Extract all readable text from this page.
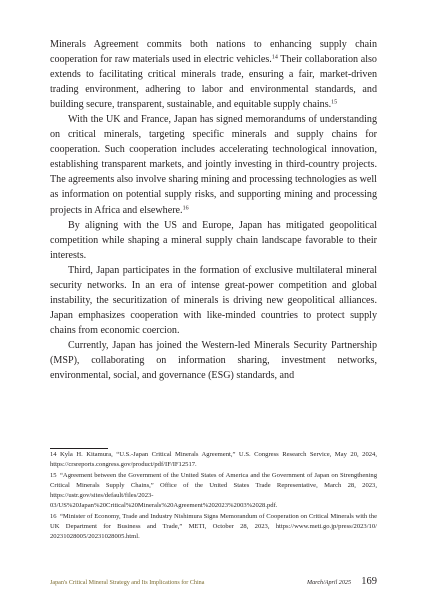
Minerals Agreement commits both nations to enhancing supply chain cooperation for raw materials used in electric vehicles.$^{14}$ Their collaboration also extends to facilitating critical minerals trade, ensuring a fair, market-driven trading environment, adhering to labor and environmental standards, and building secure, transparent, sustainable, and equitable supply chains.$^{15}$

With the UK and France, Japan has signed memorandums of understanding on critical minerals, targeting specific minerals and supply chains for cooperation. Such cooperation includes accelerating technological innovation, establishing transparent markets, and jointly investing in third-country projects. The agreements also involve sharing mining and processing technologies as well as information on potential supply risks, and supporting mining and processing projects in Africa and elsewhere.$^{16}$

By aligning with the US and Europe, Japan has mitigated geopolitical competition while shaping a mineral supply chain landscape favorable to their interests.

Third, Japan participates in the formation of exclusive multilateral mineral security networks. In an era of intense great-power competition and global instability, the securitization of minerals is driving new geopolitical alliances. Japan emphasizes cooperation with like-minded countries to protect supply chains from economic coercion.

Currently, Japan has joined the Western-led Minerals Security Partnership (MSP), collaborating on information sharing, investment networks, environmental, social, and governance (ESG) standards, and

14 Kyla H. Kitamura, “U.S.-Japan Critical Minerals Agreement,” U.S. Congress Research Service, May 20, 2024, https://crsreports.congress.gov/product/pdf/IF/IF12517.

15 “Agreement between the Government of the United States of America and the Government of Japan on Strengthening Critical Minerals Supply Chains,” Office of the United States Trade Representative, March 28, 2023, https://ustr.gov/sites/default/files/2023-03/US%20Japan%20Critical%20Minerals%20Agreement%202023%2003%2028.pdf.

16 “Minister of Economy, Trade and Industry Nishimura Signs Memorandum of Cooperation on Critical Minerals with the UK Department for Business and Trade,” METI, October 28, 2023, https://www.meti.go.jp/press/2023/10/ 20231028005/20231028005.html.

Japan's Critical Mineral Strategy and Its Implications for China	March/April 2025 169
